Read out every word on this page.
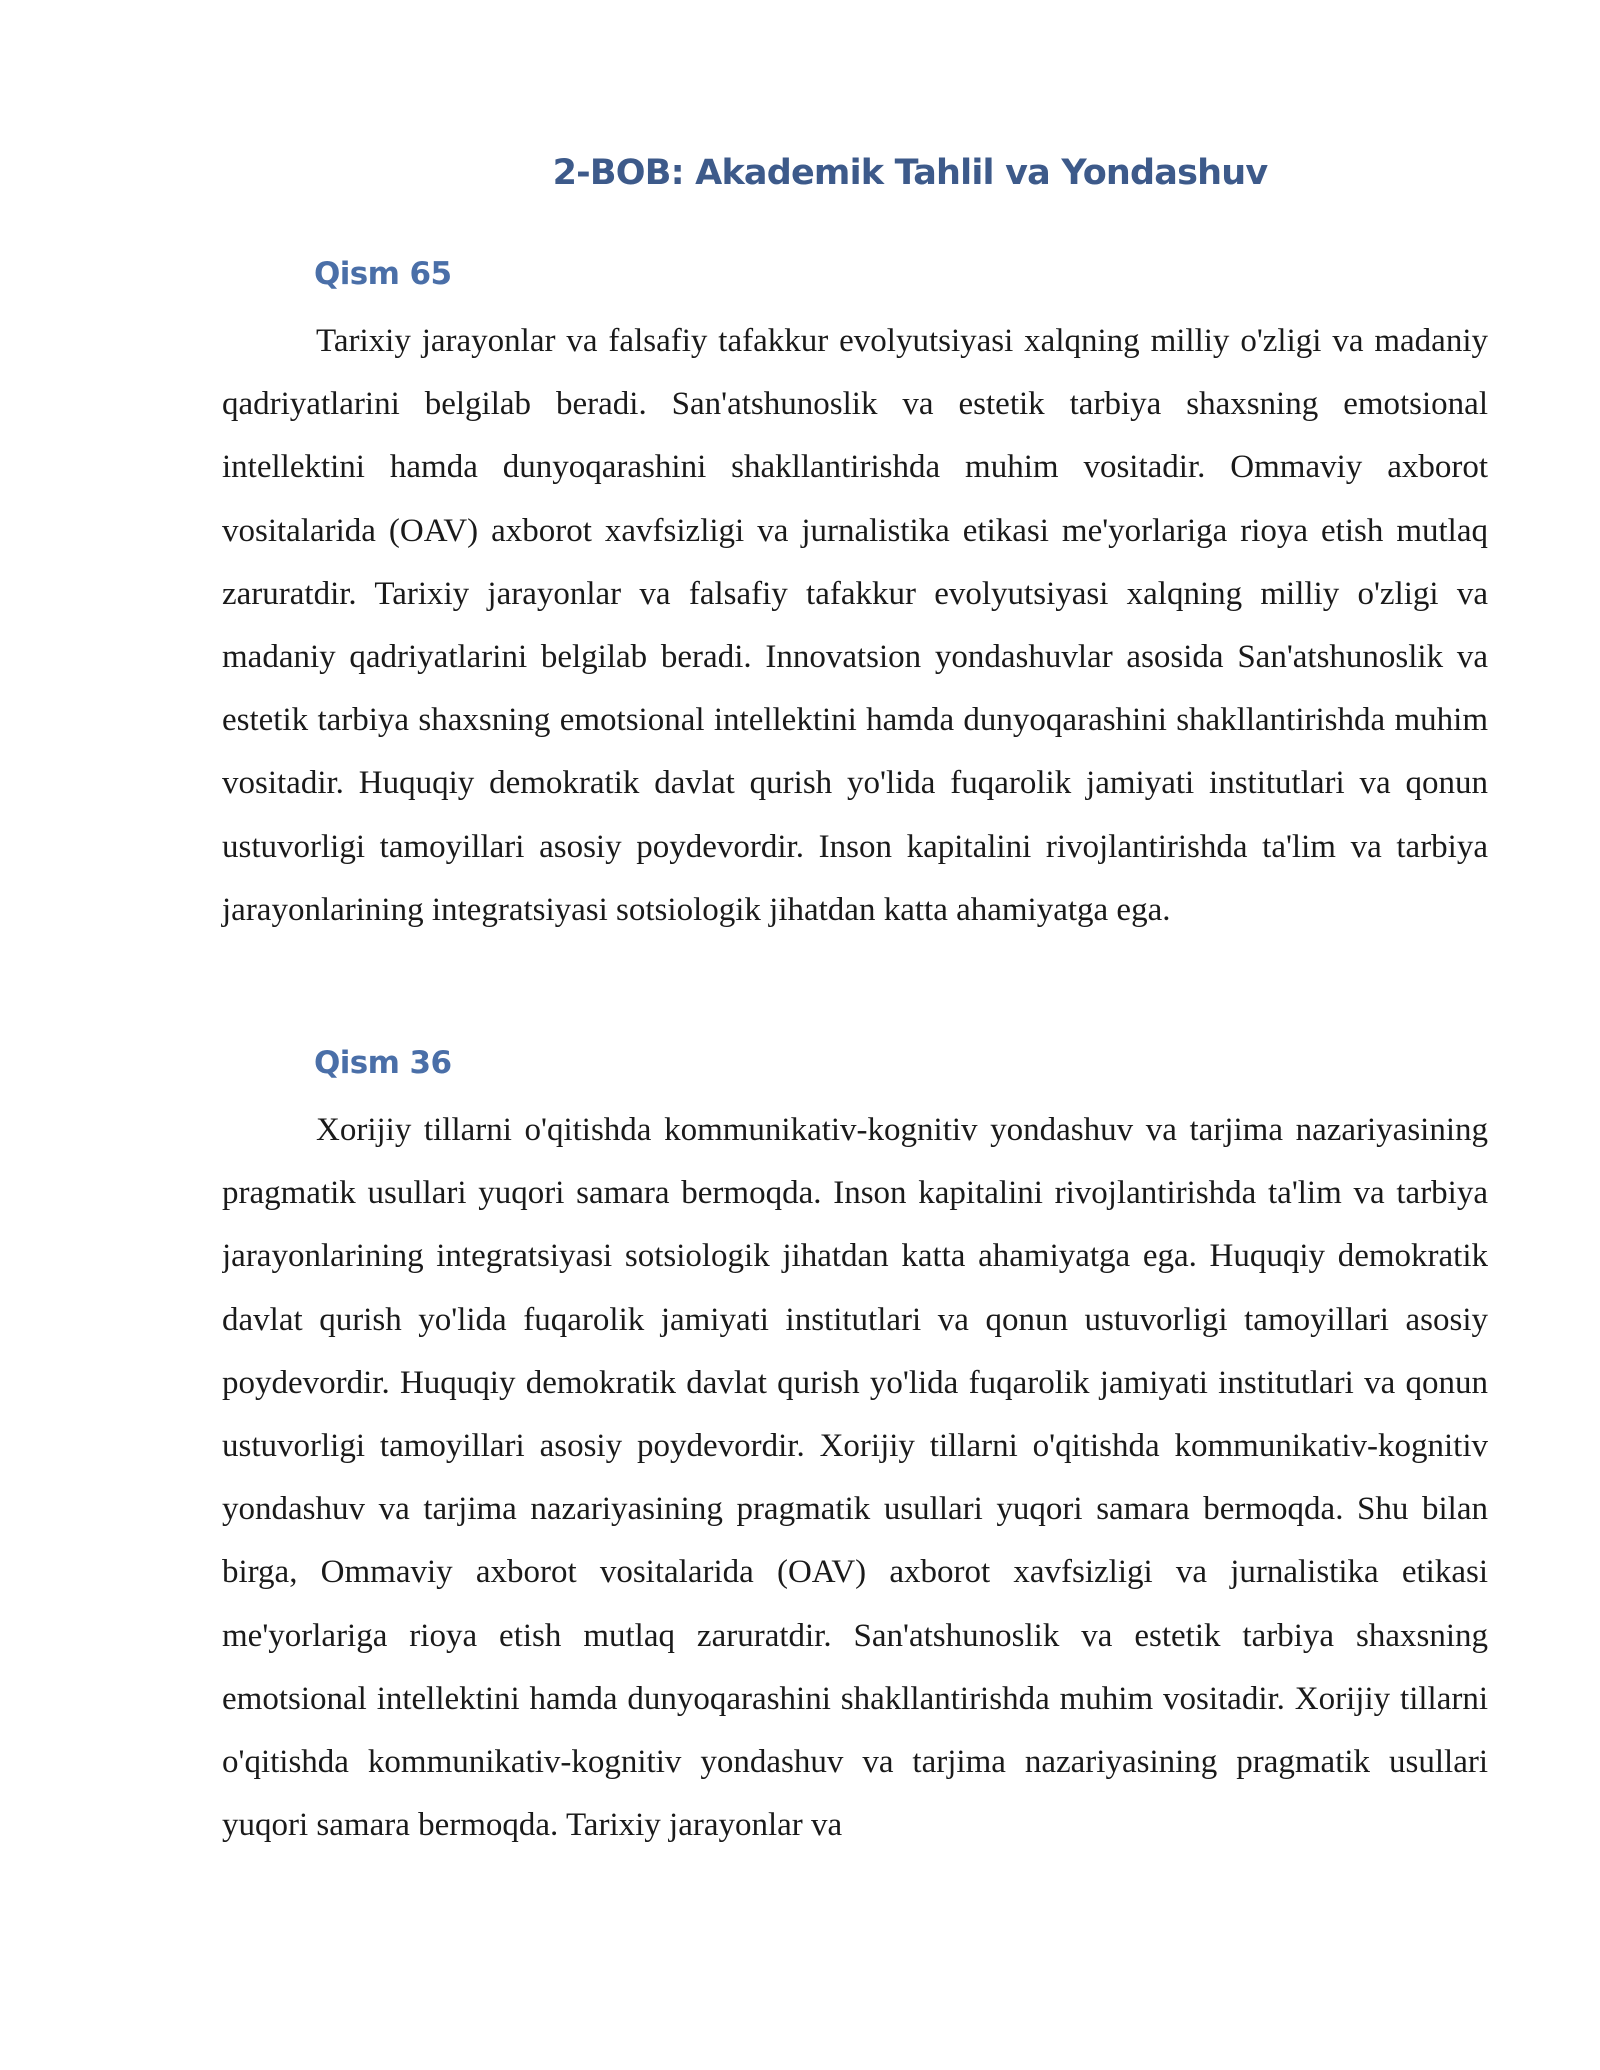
2-BOB: Akademik Tahlil va Yondashuv
Qism 65

Tarixiy jarayonlar va falsafiy tafakkur evolyutsiyasi xalqning milliy o'zligi va madaniy qadriyatlarini belgilab beradi. San'atshunoslik va estetik tarbiya shaxsning emotsional intellektini hamda dunyoqarashini shakllantirishda muhim vositadir. Ommaviy axborot vositalarida (OAV) axborot xavfsizligi va jurnalistika etikasi me'yorlariga rioya etish mutlaq zaruratdir. Tarixiy jarayonlar va falsafiy tafakkur evolyutsiyasi xalqning milliy o'zligi va madaniy qadriyatlarini belgilab beradi. Innovatsion yondashuvlar asosida San'atshunoslik va estetik tarbiya shaxsning emotsional intellektini hamda dunyoqarashini shakllantirishda muhim vositadir. Huquqiy demokratik davlat qurish yo'lida fuqarolik jamiyati institutlari va qonun ustuvorligi tamoyillari asosiy poydevordir. Inson kapitalini rivojlantirishda ta'lim va tarbiya jarayonlarining integratsiyasi sotsiologik jihatdan katta ahamiyatga ega.

Qism 36

Xorijiy tillarni o'qitishda kommunikativ-kognitiv yondashuv va tarjima nazariyasining pragmatik usullari yuqori samara bermoqda. Inson kapitalini rivojlantirishda ta'lim va tarbiya jarayonlarining integratsiyasi sotsiologik jihatdan katta ahamiyatga ega. Huquqiy demokratik davlat qurish yo'lida fuqarolik jamiyati institutlari va qonun ustuvorligi tamoyillari asosiy poydevordir. Huquqiy demokratik davlat qurish yo'lida fuqarolik jamiyati institutlari va qonun ustuvorligi tamoyillari asosiy poydevordir. Xorijiy tillarni o'qitishda kommunikativ-kognitiv yondashuv va tarjima nazariyasining pragmatik usullari yuqori samara bermoqda. Shu bilan birga, Ommaviy axborot vositalarida (OAV) axborot xavfsizligi va jurnalistika etikasi me'yorlariga rioya etish mutlaq zaruratdir. San'atshunoslik va estetik tarbiya shaxsning emotsional intellektini hamda dunyoqarashini shakllantirishda muhim vositadir. Xorijiy tillarni o'qitishda kommunikativ-kognitiv yondashuv va tarjima nazariyasining pragmatik usullari yuqori samara bermoqda. Tarixiy jarayonlar va
